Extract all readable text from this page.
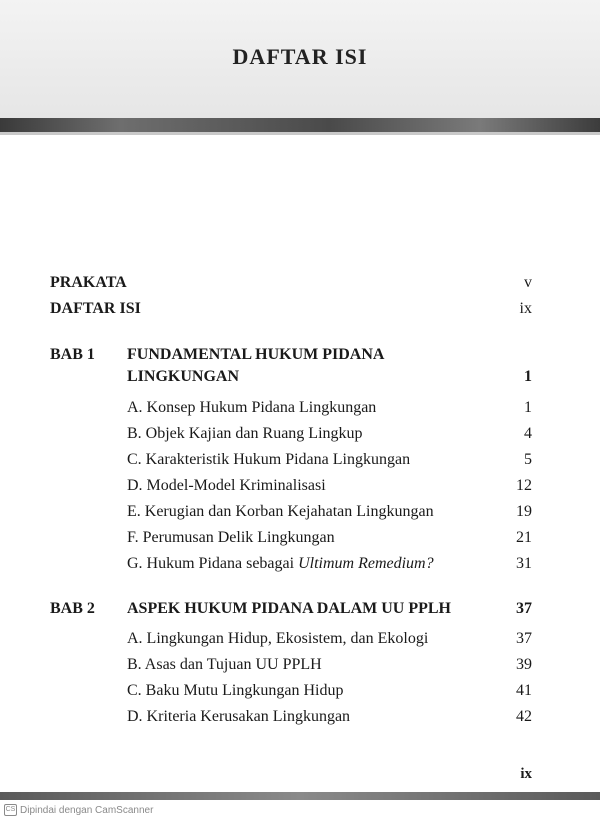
DAFTAR ISI
PRAKATA	v
DAFTAR ISI	ix
BAB 1 FUNDAMENTAL HUKUM PIDANA
LINGKUNGAN	1
A. Konsep Hukum Pidana Lingkungan	1
B. Objek Kajian dan Ruang Lingkup	4
C. Karakteristik Hukum Pidana Lingkungan	5
D. Model-Model Kriminalisasi	12
E. Kerugian dan Korban Kejahatan Lingkungan	19
F. Perumusan Delik Lingkungan	21
G. Hukum Pidana sebagai Ultimum Remedium?	31
BAB 2 ASPEK HUKUM PIDANA DALAM UU PPLH	37
A. Lingkungan Hidup, Ekosistem, dan Ekologi	37
B. Asas dan Tujuan UU PPLH	39
C. Baku Mutu Lingkungan Hidup	41
D. Kriteria Kerusakan Lingkungan	42
ix
CS Dipindai dengan CamScanner
